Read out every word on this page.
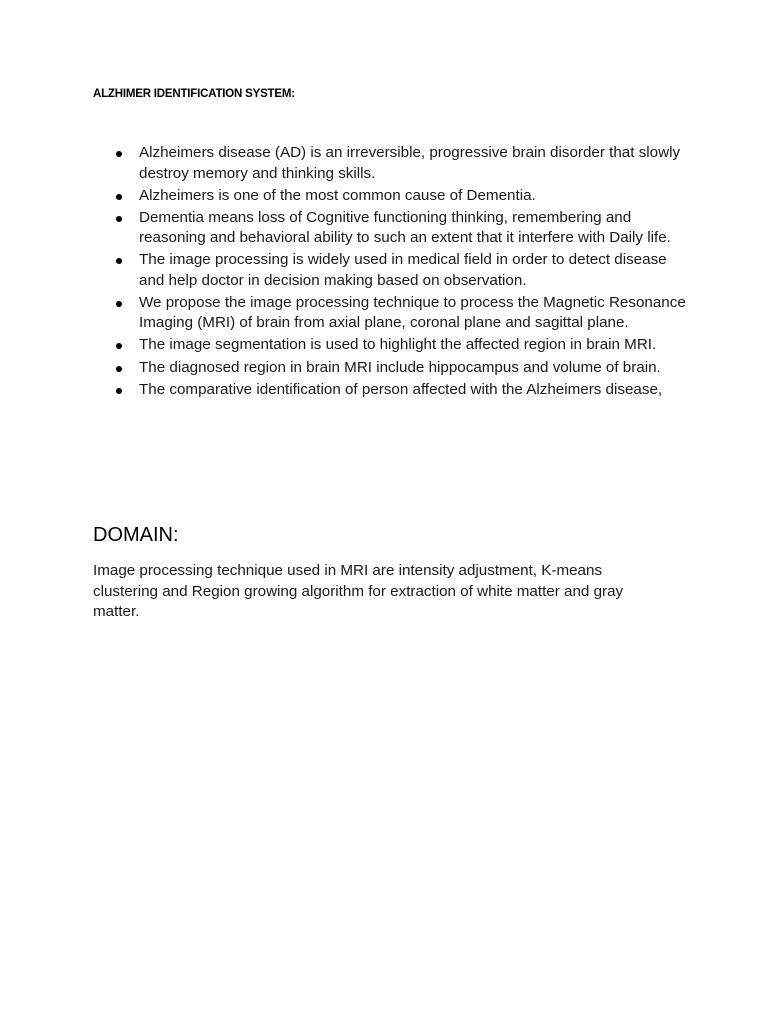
ALZHIMER IDENTIFICATION SYSTEM:
Alzheimers disease (AD) is an irreversible, progressive brain disorder that slowly destroy memory and thinking skills.
Alzheimers is one of the most common cause of Dementia.
Dementia means loss of Cognitive functioning thinking, remembering and reasoning and behavioral ability to such an extent that it interfere with Daily life.
The image processing is widely used in medical field in order to detect disease and help doctor in decision making based on observation.
We propose the image processing technique to process the Magnetic Resonance Imaging (MRI) of brain from axial plane, coronal plane and sagittal plane.
The image segmentation is used to highlight the affected region in brain MRI.
The diagnosed region in brain MRI include hippocampus and volume of brain.
The comparative identification of person affected with the Alzheimers disease,
DOMAIN:

Image processing technique used in MRI are intensity adjustment, K-means clustering and Region growing algorithm for extraction of white matter and gray matter.
